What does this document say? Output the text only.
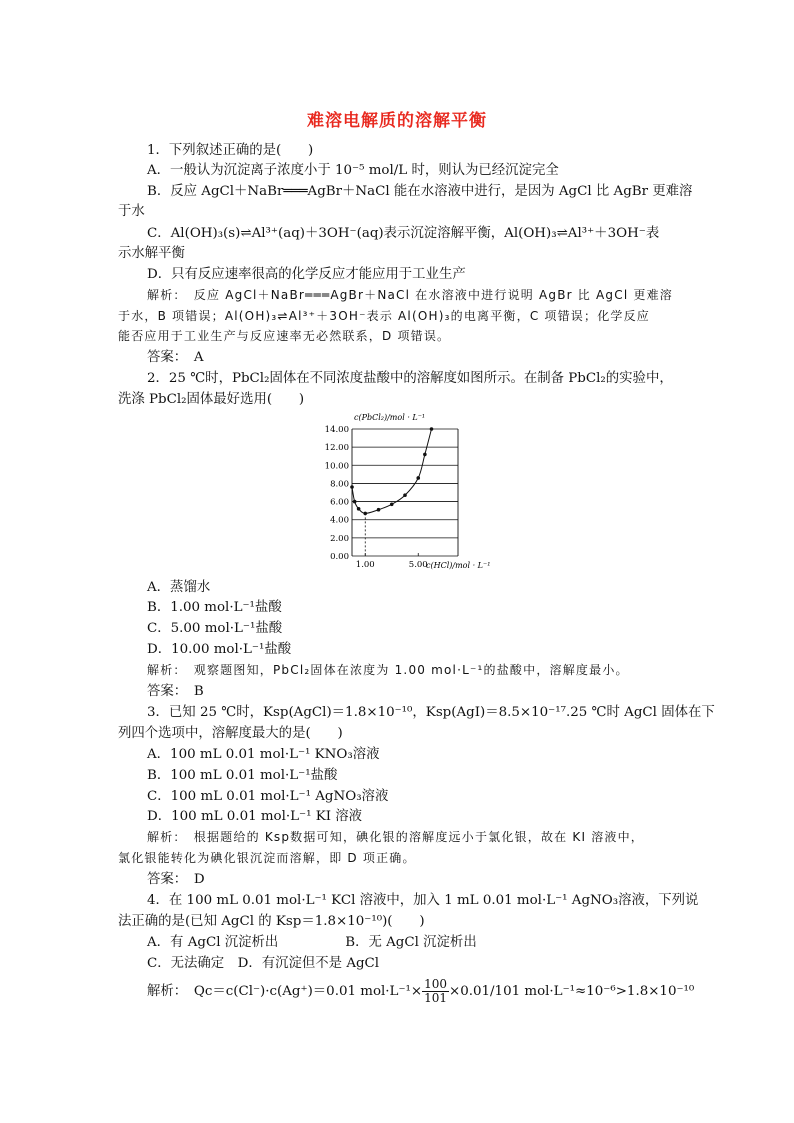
难溶电解质的溶解平衡
1．下列叙述正确的是(　　)
A．一般认为沉淀离子浓度小于 10⁻⁵ mol/L 时，则认为已经沉淀完全
B．反应 AgCl＋NaBr═══AgBr＋NaCl 能在水溶液中进行，是因为 AgCl 比 AgBr 更难溶
于水
C．Al(OH)₃(s)⇌Al³⁺(aq)＋3OH⁻(aq)表示沉淀溶解平衡，Al(OH)₃⇌Al³⁺＋3OH⁻表
示水解平衡
D．只有反应速率很高的化学反应才能应用于工业生产
解析：　反应 AgCl＋NaBr═══AgBr＋NaCl 在水溶液中进行说明 AgBr 比 AgCl 更难溶
于水，B 项错误；Al(OH)₃⇌Al³⁺＋3OH⁻表示 Al(OH)₃的电离平衡，C 项错误；化学反应
能否应用于工业生产与反应速率无必然联系，D 项错误。
答案：　A
2．25 ℃时，PbCl₂固体在不同浓度盐酸中的溶解度如图所示。在制备 PbCl₂的实验中，
洗涤 PbCl₂固体最好选用(　　)
c(PbCl₂)/mol · L⁻¹
c(HCl)/mol · L⁻¹
0.00
2.00
4.00
6.00
8.00
10.00
12.00
14.00
1.00	5.00
A．蒸馏水
B．1.00 mol·L⁻¹盐酸
C．5.00 mol·L⁻¹盐酸
D．10.00 mol·L⁻¹盐酸
解析：　观察题图知，PbCl₂固体在浓度为 1.00 mol·L⁻¹的盐酸中，溶解度最小。
答案：　B
3．已知 25 ℃时，Ksp(AgCl)＝1.8×10⁻¹⁰，Ksp(AgI)＝8.5×10⁻¹⁷.25 ℃时 AgCl 固体在下
列四个选项中，溶解度最大的是(　　)
A．100 mL 0.01 mol·L⁻¹ KNO₃溶液
B．100 mL 0.01 mol·L⁻¹盐酸
C．100 mL 0.01 mol·L⁻¹ AgNO₃溶液
D．100 mL 0.01 mol·L⁻¹ KI 溶液
解析：　根据题给的 Ksp数据可知，碘化银的溶解度远小于氯化银，故在 KI 溶液中，
氯化银能转化为碘化银沉淀而溶解，即 D 项正确。
答案：　D
4．在 100 mL 0.01 mol·L⁻¹ KCl 溶液中，加入 1 mL 0.01 mol·L⁻¹ AgNO₃溶液，下列说
法正确的是(已知 AgCl 的 Ksp＝1.8×10⁻¹⁰)(　　)
A．有 AgCl 沉淀析出　　　　　B．无 AgCl 沉淀析出
C．无法确定　D．有沉淀但不是 AgCl
解析：　Qc＝c(Cl⁻)·c(Ag⁺)＝0.01 $mol\cdot L^{-1}\times \frac{100}{101} \times 0.01/101$ mol·L⁻¹≈10⁻⁶>1.8×10⁻¹⁰
